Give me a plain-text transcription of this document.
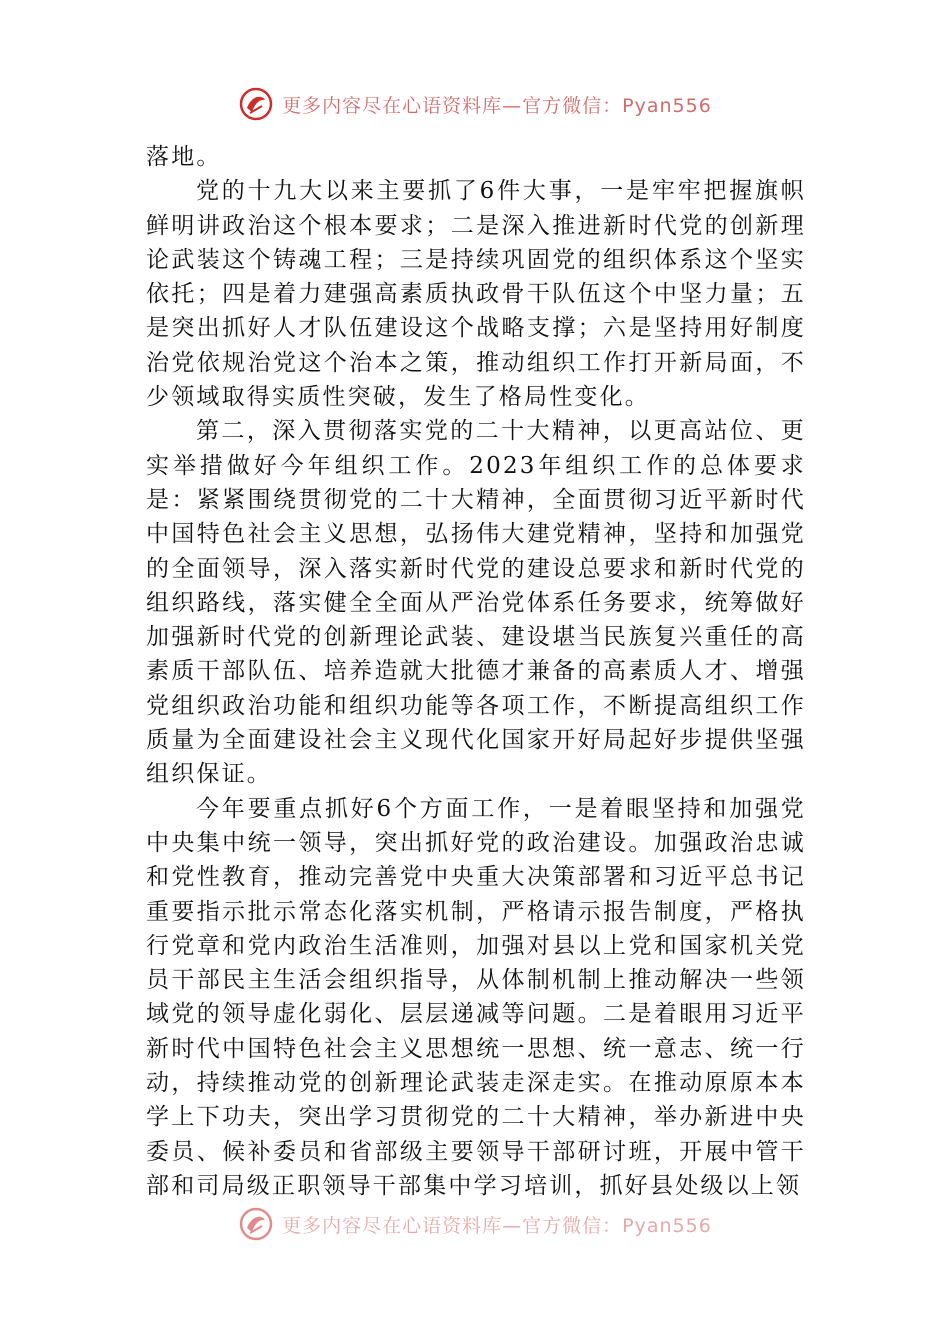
更多内容尽在心语资料库—官方微信：Pyan556

落地。

党的十九大以来主要抓了6件大事，一是牢牢把握旗帜鲜明讲政治这个根本要求；二是深入推进新时代党的创新理论武装这个铸魂工程；三是持续巩固党的组织体系这个坚实依托；四是着力建强高素质执政骨干队伍这个中坚力量；五是突出抓好人才队伍建设这个战略支撑；六是坚持用好制度治党依规治党这个治本之策，推动组织工作打开新局面，不少领域取得实质性突破，发生了格局性变化。

第二，深入贯彻落实党的二十大精神，以更高站位、更实举措做好今年组织工作。2023年组织工作的总体要求是：紧紧围绕贯彻党的二十大精神，全面贯彻习近平新时代中国特色社会主义思想，弘扬伟大建党精神，坚持和加强党的全面领导，深入落实新时代党的建设总要求和新时代党的组织路线，落实健全全面从严治党体系任务要求，统筹做好加强新时代党的创新理论武装、建设堪当民族复兴重任的高素质干部队伍、培养造就大批德才兼备的高素质人才、增强党组织政治功能和组织功能等各项工作，不断提高组织工作质量为全面建设社会主义现代化国家开好局起好步提供坚强组织保证。

今年要重点抓好6个方面工作，一是着眼坚持和加强党中央集中统一领导，突出抓好党的政治建设。加强政治忠诚和党性教育，推动完善党中央重大决策部署和习近平总书记重要指示批示常态化落实机制，严格请示报告制度，严格执行党章和党内政治生活准则，加强对县以上党和国家机关党员干部民主生活会组织指导，从体制机制上推动解决一些领域党的领导虚化弱化、层层递减等问题。二是着眼用习近平新时代中国特色社会主义思想统一思想、统一意志、统一行动，持续推动党的创新理论武装走深走实。在推动原原本本学上下功夫，突出学习贯彻党的二十大精神，举办新进中央委员、候补委员和省部级主要领导干部研讨班，开展中管干部和司局级正职领导干部集中学习培训，抓好县处级以上领

更多内容尽在心语资料库—官方微信：Pyan556
